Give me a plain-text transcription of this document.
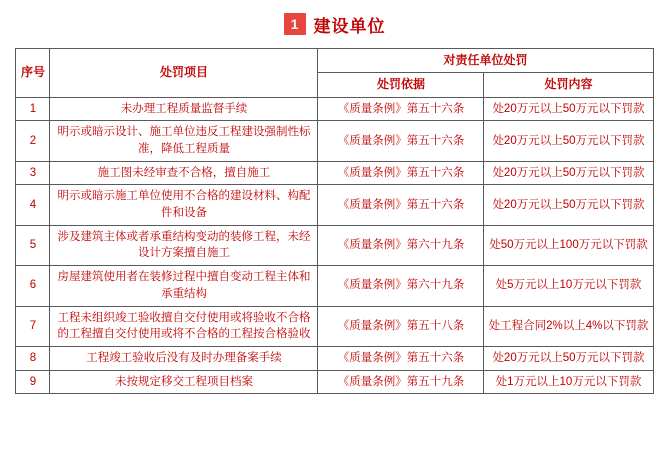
1 建设单位
序号	处罚项目	对责任单位处罚	
		处罚依据	处罚内容
1	未办理工程质量监督手续	《质量条例》第五十六条	处20万元以上50万元以下罚款
2	明示或暗示设计、施工单位违反工程建设强制性标准，降低工程质量	《质量条例》第五十六条	处20万元以上50万元以下罚款
3	施工图未经审查不合格，擅自施工	《质量条例》第五十六条	处20万元以上50万元以下罚款
4	明示或暗示施工单位使用不合格的建设材料、构配件和设备	《质量条例》第五十六条	处20万元以上50万元以下罚款
5	涉及建筑主体或者承重结构变动的装修工程，未经设计方案擅自施工	《质量条例》第六十九条	处50万元以上100万元以下罚款
6	房屋建筑使用者在装修过程中擅自变动工程主体和承重结构	《质量条例》第六十九条	处5万元以上10万元以下罚款
7	工程未组织竣工验收擅自交付使用或将验收不合格的工程擅自交付使用或将不合格的工程按合格验收	《质量条例》第五十八条	处工程合同2%以上4%以下罚款
8	工程竣工验收后没有及时办理备案手续	《质量条例》第五十六条	处20万元以上50万元以下罚款
9	未按规定移交工程项目档案	《质量条例》第五十九条	处1万元以上10万元以下罚款
